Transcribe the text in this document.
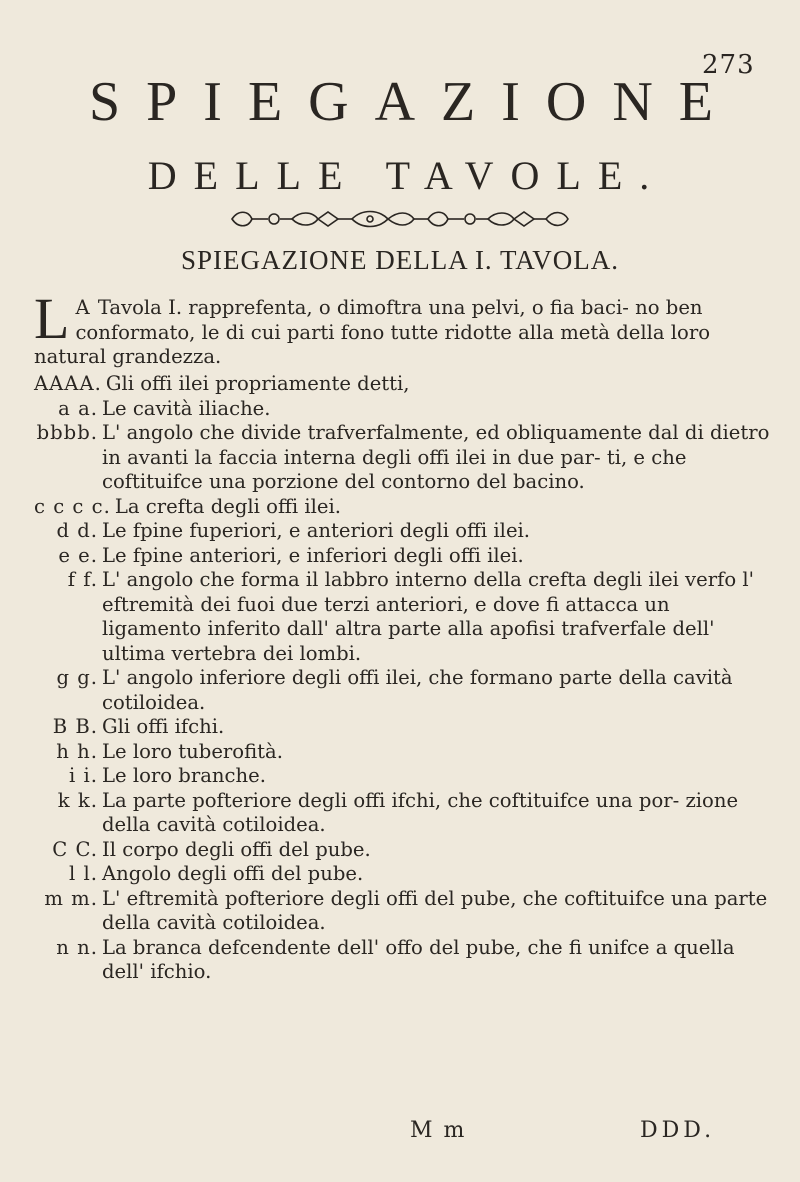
273
SPIEGAZIONE
DELLE TAVOLE.
SPIEGAZIONE DELLA I. TAVOLA.
L A Tavola I. rapprefenta, o dimoftra una pelvi, o fia baci- no ben conformato, le di cui parti fono tutte ridotte alla metà della loro natural grandezza.
AAAA. Gli offi ilei propriamente detti,
a a. Le cavità iliache.
bbbb. L' angolo che divide trafverfalmente, ed obliquamente dal di dietro in avanti la faccia interna degli offi ilei in due par- ti, e che coftituifce una porzione del contorno del bacino.
c c c c. La crefta degli offi ilei.
d d. Le fpine fuperiori, e anteriori degli offi ilei.
e e. Le fpine anteriori, e inferiori degli offi ilei.
f f. L' angolo che forma il labbro interno della crefta degli ilei verfo l' eftremità dei fuoi due terzi anteriori, e dove fi attacca un ligamento inferito dall' altra parte alla apofisi trafverfale dell' ultima vertebra dei lombi.
g g. L' angolo inferiore degli offi ilei, che formano parte della cavità cotiloidea.
B B. Gli offi ifchi.
h h. Le loro tuberofità.
i i. Le loro branche.
k k. La parte pofteriore degli offi ifchi, che coftituifce una por- zione della cavità cotiloidea.
C C. Il corpo degli offi del pube.
l l. Angolo degli offi del pube.
m m. L' eftremità pofteriore degli offi del pube, che coftituifce una parte della cavità cotiloidea.
n n. La branca defcendente dell' offo del pube, che fi unifce a quella dell' ifchio.
M m	DDD.
